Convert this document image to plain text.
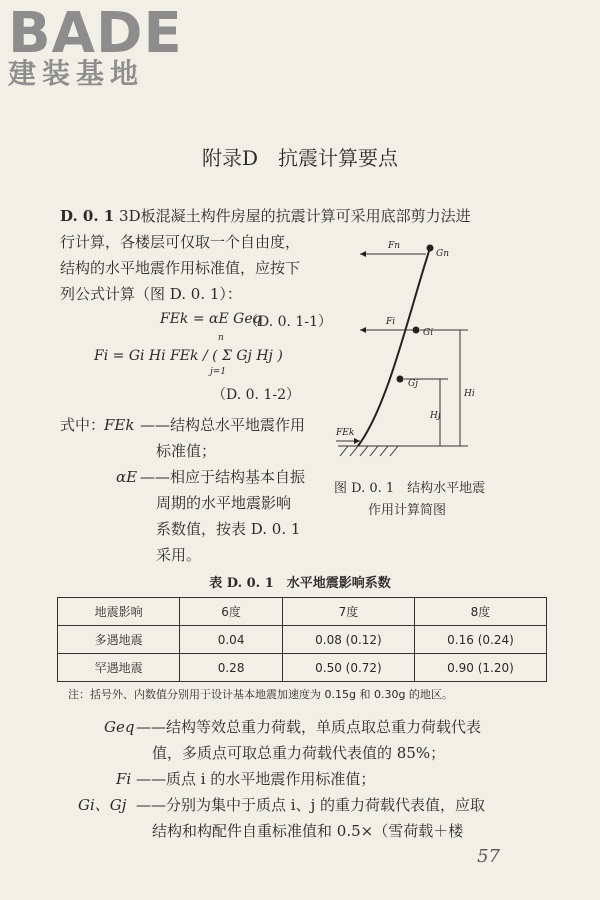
BADE
建装基地
附录D　抗震计算要点
D. 0. 1 3D板混凝土构件房屋的抗震计算可采用底部剪力法进
行计算，各楼层可仅取一个自由度，
结构的水平地震作用标准值，应按下
列公式计算（图 D. 0. 1）：
FEk = αE Geq
（D. 0. 1-1）
Fi = Gi Hi FEk / ( Σ Gj Hj )
n
j=1
（D. 0. 1-2）
式中：
FEk ——结构总水平地震作用
标准值；
αE ——相应于结构基本自振
周期的水平地震影响
系数值，按表 D. 0. 1
采用。
Fn
Gn
Fi
Gi
Gj
Hj
Hi
FEk
图 D. 0. 1　结构水平地震
作用计算简图
表 D. 0. 1　水平地震影响系数
地震影响	6度	7度	8度
多遇地震	0.04	0.08 (0.12)	0.16 (0.24)
罕遇地震	0.28	0.50 (0.72)	0.90 (1.20)
注：括号外、内数值分别用于设计基本地震加速度为 0.15g 和 0.30g 的地区。
Geq ——结构等效总重力荷载，单质点取总重力荷载代表
值，多质点可取总重力荷载代表值的 85%；
Fi ——质点 i 的水平地震作用标准值；
Gi、Gj ——分别为集中于质点 i、j 的重力荷载代表值，应取
结构和构配件自重标准值和 0.5×（雪荷载＋楼
57
